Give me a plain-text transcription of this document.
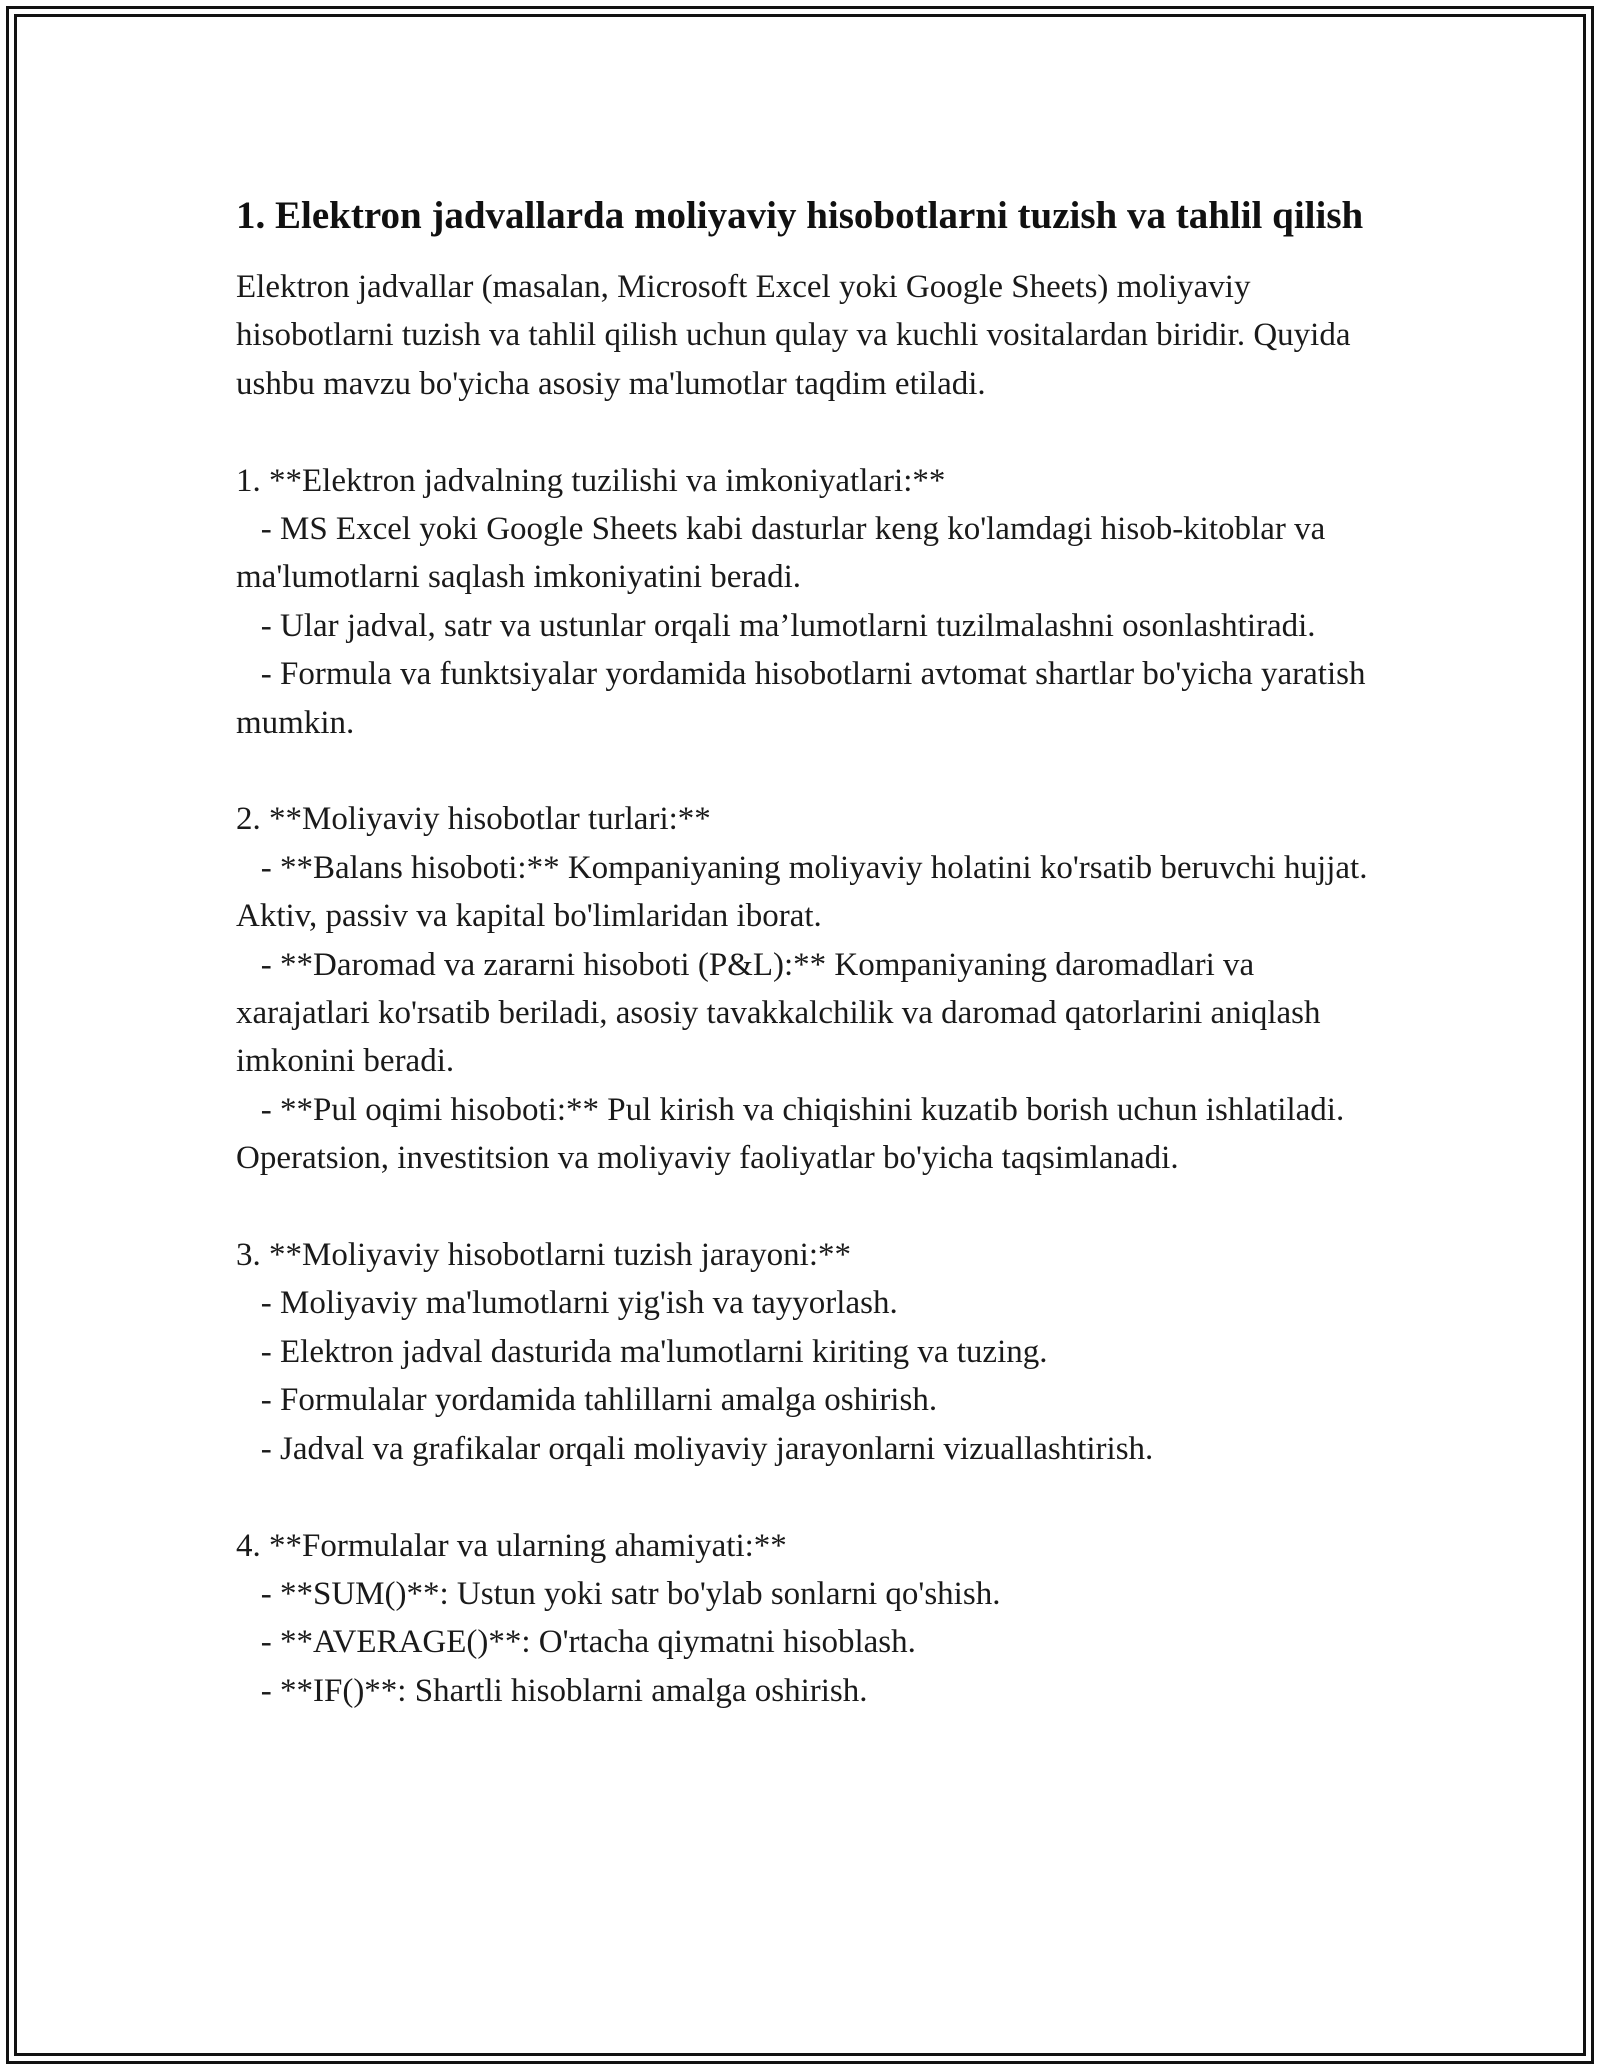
1. Elektron jadvallarda moliyaviy hisobotlarni tuzish va tahlil qilish

Elektron jadvallar (masalan, Microsoft Excel yoki Google Sheets) moliyaviy hisobotlarni tuzish va tahlil qilish uchun qulay va kuchli vositalardan biridir. Quyida ushbu mavzu bo'yicha asosiy ma'lumotlar taqdim etiladi.

1. **Elektron jadvalning tuzilishi va imkoniyatlari:**

- MS Excel yoki Google Sheets kabi dasturlar keng ko'lamdagi hisob-kitoblar va ma'lumotlarni saqlash imkoniyatini beradi.

- Ular jadval, satr va ustunlar orqali ma’lumotlarni tuzilmalashni osonlashtiradi.

- Formula va funktsiyalar yordamida hisobotlarni avtomat shartlar bo'yicha yaratish mumkin.

2. **Moliyaviy hisobotlar turlari:**

- **Balans hisoboti:** Kompaniyaning moliyaviy holatini ko'rsatib beruvchi hujjat. Aktiv, passiv va kapital bo'limlaridan iborat.

- **Daromad va zararni hisoboti (P&L):** Kompaniyaning daromadlari va xarajatlari ko'rsatib beriladi, asosiy tavakkalchilik va daromad qatorlarini aniqlash imkonini beradi.

- **Pul oqimi hisoboti:** Pul kirish va chiqishini kuzatib borish uchun ishlatiladi. Operatsion, investitsion va moliyaviy faoliyatlar bo'yicha taqsimlanadi.

3. **Moliyaviy hisobotlarni tuzish jarayoni:**

- Moliyaviy ma'lumotlarni yig'ish va tayyorlash.

- Elektron jadval dasturida ma'lumotlarni kiriting va tuzing.

- Formulalar yordamida tahlillarni amalga oshirish.

- Jadval va grafikalar orqali moliyaviy jarayonlarni vizuallashtirish.

4. **Formulalar va ularning ahamiyati:**

- **SUM()**: Ustun yoki satr bo'ylab sonlarni qo'shish.

- **AVERAGE()**: O'rtacha qiymatni hisoblash.

- **IF()**: Shartli hisoblarni amalga oshirish.
